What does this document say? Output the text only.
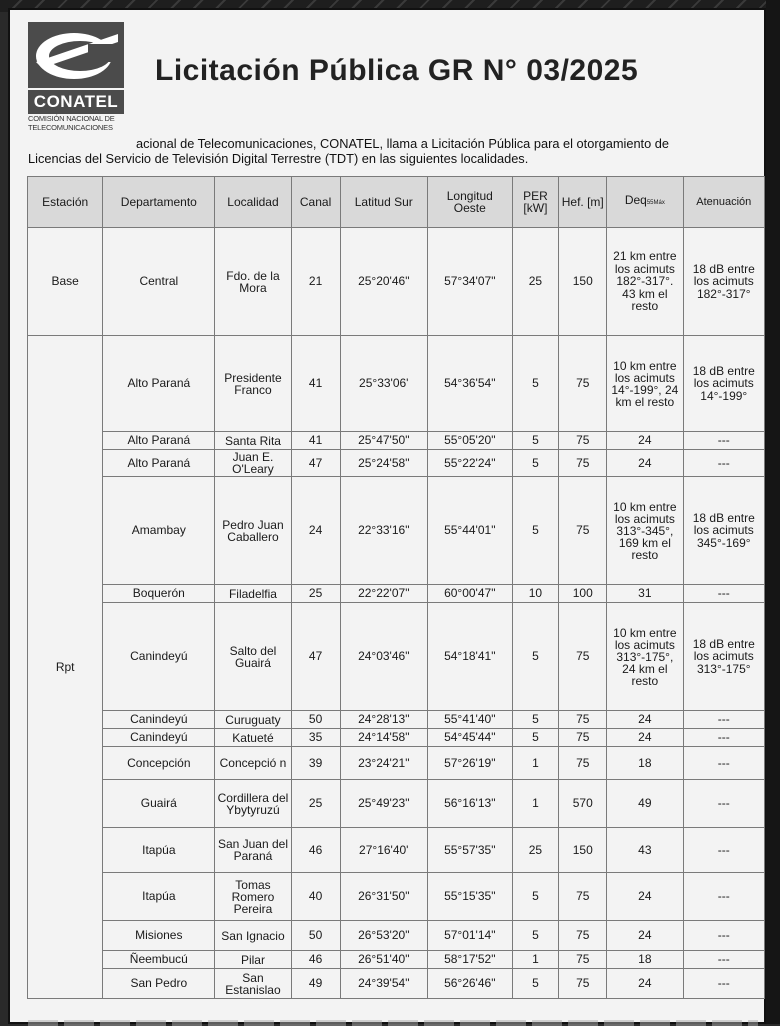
CONATEL
COMISIÓN NACIONAL DE
TELECOMUNICACIONES
Licitación Pública GR N° 03/2025
acional de Telecomunicaciones, CONATEL, llama a Licitación Pública para el otorgamiento de
Licencias del Servicio de Televisión Digital Terrestre (TDT) en las siguientes localidades.
Estación	Departamento	Localidad	Canal	Latitud Sur	Longitud Oeste	PER [kW]	Hef. [m]	Deq55Máx	Atenuación
Base	Central	Fdo. de la Mora	21	25°20'46"	57°34'07"	25	150	21 km entre los acimuts 182°-317°. 43 km el resto	18 dB entre los acimuts 182°-317°
Rpt	Alto Paraná	Presidente Franco	41	25°33'06'	54°36'54"	5	75	10 km entre los acimuts 14°-199°, 24 km el resto	18 dB entre los acimuts 14°-199°
	Alto Paraná	Santa Rita	41	25°47'50"	55°05'20"	5	75	24	---
	Alto Paraná	Juan E. O'Leary	47	25°24'58"	55°22'24"	5	75	24	---
	Amambay	Pedro Juan Caballero	24	22°33'16"	55°44'01"	5	75	10 km entre los acimuts 313°-345°, 169 km el resto	18 dB entre los acimuts 345°-169°
	Boquerón	Filadelfia	25	22°22'07"	60°00'47"	10	100	31	---
	Canindeyú	Salto del Guairá	47	24°03'46"	54°18'41"	5	75	10 km entre los acimuts 313°-175°, 24 km el resto	18 dB entre los acimuts 313°-175°
	Canindeyú	Curuguaty	50	24°28'13"	55°41'40"	5	75	24	---
	Canindeyú	Katueté	35	24°14'58"	54°45'44"	5	75	24	---
	Concepción	Concepció n	39	23°24'21"	57°26'19"	1	75	18	---
	Guairá	Cordillera del Ybytyruzú	25	25°49'23"	56°16'13"	1	570	49	---
	Itapúa	San Juan del Paraná	46	27°16'40'	55°57'35"	25	150	43	---
	Itapúa	Tomas Romero Pereira	40	26°31'50"	55°15'35"	5	75	24	---
	Misiones	San Ignacio	50	26°53'20"	57°01'14"	5	75	24	---
	Ñeembucú	Pilar	46	26°51'40"	58°17'52"	1	75	18	---
	San Pedro	San Estanislao	49	24°39'54"	56°26'46"	5	75	24	---
